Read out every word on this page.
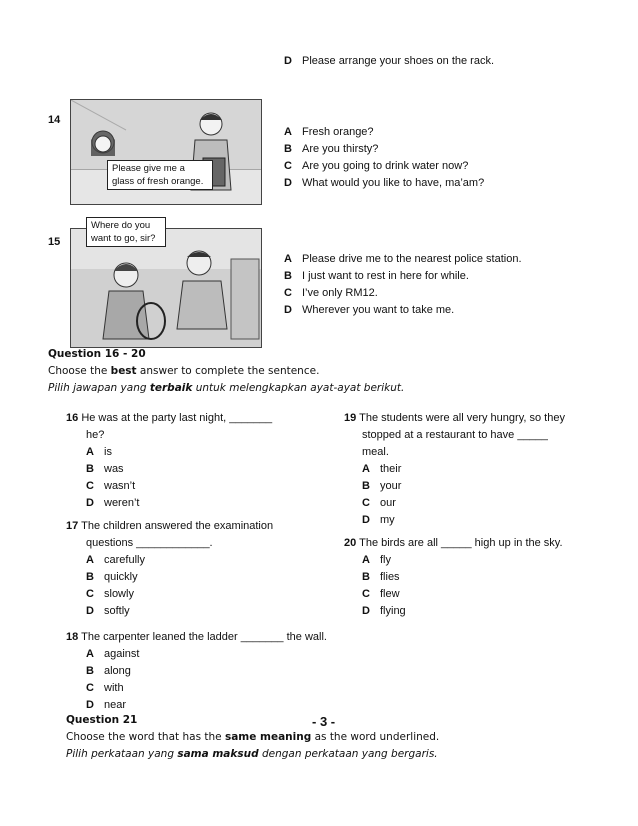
D Please arrange your shoes on the rack.
14
Please give me a glass of fresh orange.
A Fresh orange?
B Are you thirsty?
C Are you going to drink water now?
D What would you like to have, ma’am?
15
Where do you
want to go, sir?
A Please drive me to the nearest police station.
B I just want to rest in here for while.
C I’ve only RM12.
D Wherever you want to take me.
Question 16 - 20
Choose the best answer to complete the sentence.
Pilih jawapan yang terbaik untuk melengkapkan ayat-ayat berikut.
16 He was at the party last night, _______
he?
A is
B was
C wasn’t
D weren’t
17 The children answered the examination
questions ____________.
A carefully
B quickly
C slowly
D softly
18 The carpenter leaned the ladder _______ the wall.
A against
B along
C with
D near
19 The students were all very hungry, so they
stopped at a restaurant to have _____
meal.
A their
B your
C our
D my
20 The birds are all _____ high up in the sky.
A fly
B flies
C flew
D flying
- 3 -
Question 21
Choose the word that has the same meaning as the word underlined.
Pilih perkataan yang sama maksud dengan perkataan yang bergaris.
